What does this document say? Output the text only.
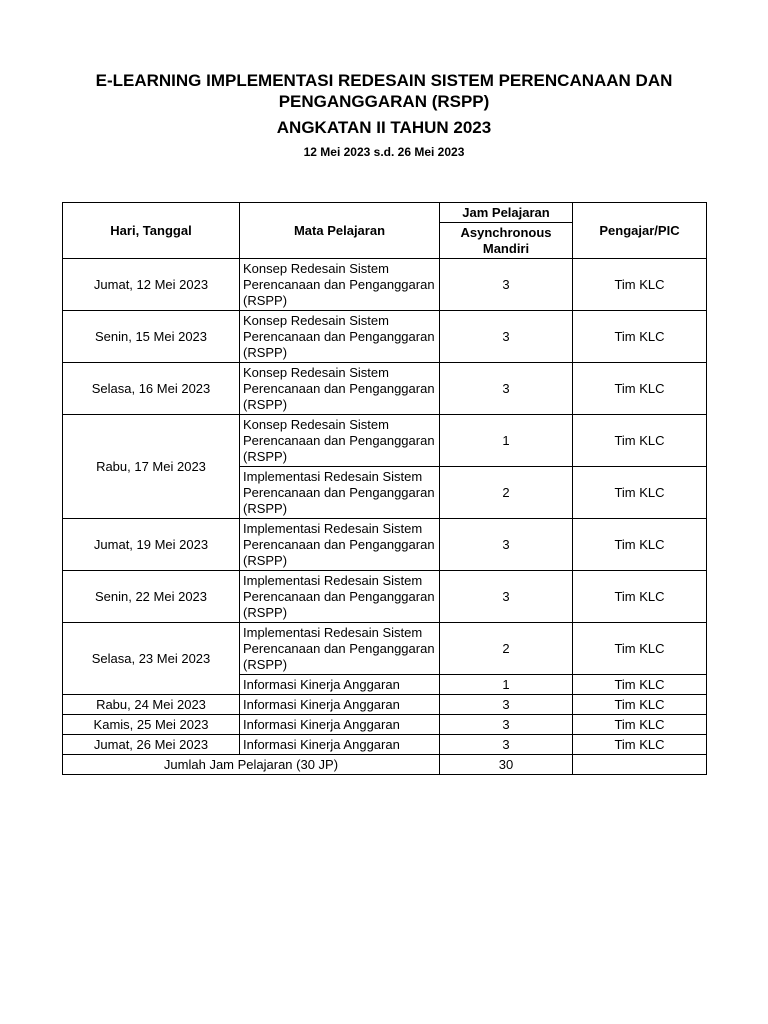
E-LEARNING IMPLEMENTASI REDESAIN SISTEM PERENCANAAN DAN PENGANGGARAN (RSPP)
ANGKATAN II TAHUN 2023
12 Mei 2023 s.d. 26 Mei 2023
Hari, Tanggal	Mata Pelajaran	Jam Pelajaran	Pengajar/PIC
		Asynchronous Mandiri	
Jumat, 12 Mei 2023	Konsep Redesain Sistem Perencanaan dan Penganggaran (RSPP)	3	Tim KLC
Senin, 15 Mei 2023	Konsep Redesain Sistem Perencanaan dan Penganggaran (RSPP)	3	Tim KLC
Selasa, 16 Mei 2023	Konsep Redesain Sistem Perencanaan dan Penganggaran (RSPP)	3	Tim KLC
Rabu, 17 Mei 2023	Konsep Redesain Sistem Perencanaan dan Penganggaran (RSPP)	1	Tim KLC
	Implementasi Redesain Sistem Perencanaan dan Penganggaran (RSPP)	2	Tim KLC
Jumat, 19 Mei 2023	Implementasi Redesain Sistem Perencanaan dan Penganggaran (RSPP)	3	Tim KLC
Senin, 22 Mei 2023	Implementasi Redesain Sistem Perencanaan dan Penganggaran (RSPP)	3	Tim KLC
Selasa, 23 Mei 2023	Implementasi Redesain Sistem Perencanaan dan Penganggaran (RSPP)	2	Tim KLC
	Informasi Kinerja Anggaran	1	Tim KLC
Rabu, 24 Mei 2023	Informasi Kinerja Anggaran	3	Tim KLC
Kamis, 25 Mei 2023	Informasi Kinerja Anggaran	3	Tim KLC
Jumat, 26 Mei 2023	Informasi Kinerja Anggaran	3	Tim KLC
Jumlah Jam Pelajaran (30 JP)		30	
